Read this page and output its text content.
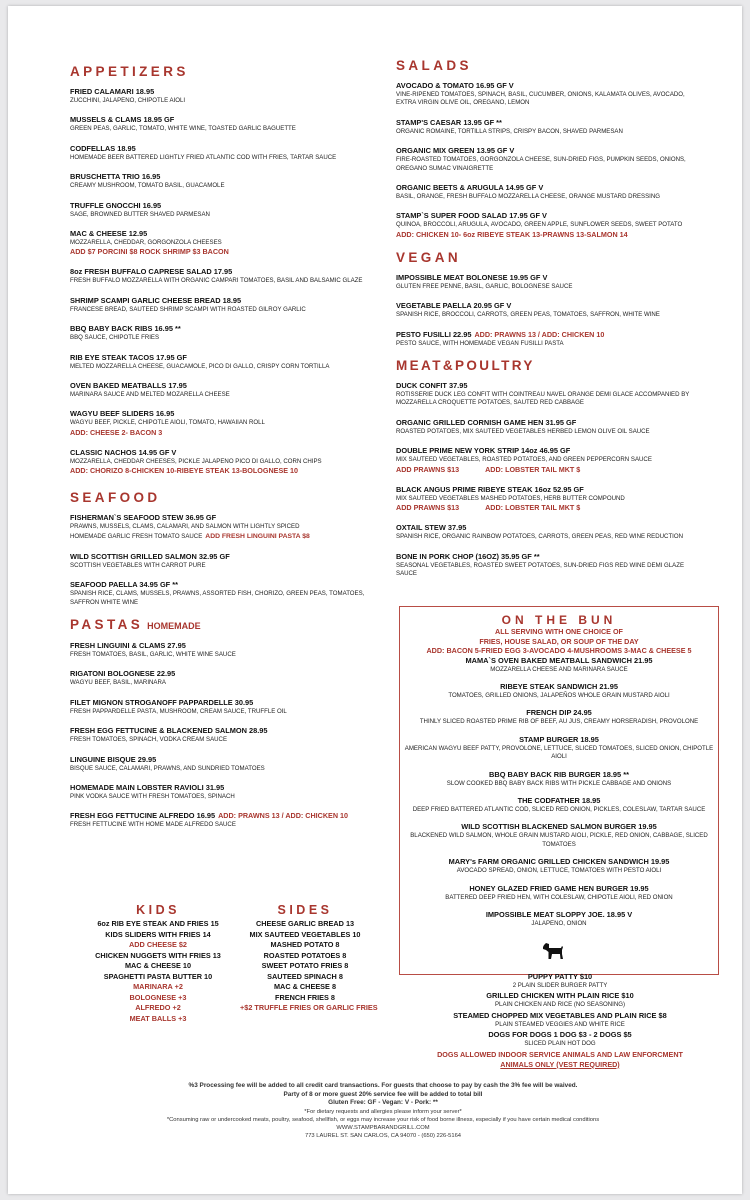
APPETIZERS
FRIED CALAMARI 18.95
ZUCCHINI, JALAPENO, CHIPOTLE AIOLI
MUSSELS & CLAMS 18.95 GF
GREEN PEAS, GARLIC, TOMATO, WHITE WINE, TOASTED GARLIC BAGUETTE
CODFELLAS 18.95
HOMEMADE BEER BATTERED LIGHTLY FRIED ATLANTIC COD WITH FRIES, TARTAR SAUCE
BRUSCHETTA TRIO 16.95
CREAMY MUSHROOM, TOMATO BASIL, GUACAMOLE
TRUFFLE GNOCCHI 16.95
SAGE, BROWNED BUTTER SHAVED PARMESAN
MAC & CHEESE 12.95
MOZZARELLA, CHEDDAR, GORGONZOLA CHEESES
ADD $7 PORCINI $8 ROCK SHRIMP $3 BACON
8oz FRESH BUFFALO CAPRESE SALAD 17.95
FRESH BUFFALO MOZZARELLA WITH ORGANIC CAMPARI TOMATOES, BASIL AND BALSAMIC GLAZE
SHRIMP SCAMPI GARLIC CHEESE BREAD 18.95
FRANCESE BREAD, SAUTEED SHRIMP SCAMPI WITH ROASTED GILROY GARLIC
BBQ BABY BACK RIBS 16.95 **
BBQ SAUCE, CHIPOTLE FRIES
RIB EYE STEAK TACOS 17.95 GF
MELTED MOZZARELLA CHEESE, GUACAMOLE, PICO DI GALLO, CRISPY CORN TORTILLA
OVEN BAKED MEATBALLS 17.95
MARINARA SAUCE AND MELTED MOZARELLA CHEESE
WAGYU BEEF SLIDERS 16.95
WAGYU BEEF, PICKLE, CHIPOTLE AIOLI, TOMATO, HAWAIIAN ROLL
ADD: CHEESE 2- BACON 3
CLASSIC NACHOS 14.95 GF V
MOZZARELLA, CHEDDAR CHEESES, PICKLE JALAPENO PICO DI GALLO, CORN CHIPS
ADD: CHORIZO 8-CHICKEN 10-RIBEYE STEAK 13-BOLOGNESE 10
SEAFOOD
FISHERMAN`S SEAFOOD STEW 36.95 GF
PRAWNS, MUSSELS, CLAMS, CALAMARI, AND SALMON WITH LIGHTLY SPICED
HOMEMADE GARLIC FRESH TOMATO SAUCE ADD FRESH LINGUINI PASTA $8
WILD SCOTTISH GRILLED SALMON 32.95 GF
SCOTTISH VEGETABLES WITH CARROT PURE
SEAFOOD PAELLA 34.95 GF **
SPANISH RICE, CLAMS, MUSSELS, PRAWNS, ASSORTED FISH, CHORIZO, GREEN PEAS, TOMATOES, SAFFRON WHITE WINE
PASTAS HOMEMADE
FRESH LINGUINI & CLAMS 27.95
FRESH TOMATOES, BASIL, GARLIC, WHITE WINE SAUCE
RIGATONI BOLOGNESE 22.95
WAGYU BEEF, BASIL, MARINARA
FILET MIGNON STROGANOFF PAPPARDELLE 30.95
FRESH PAPPARDELLE PASTA, MUSHROOM, CREAM SAUCE, TRUFFLE OIL
FRESH EGG FETTUCINE & BLACKENED SALMON 28.95
FRESH TOMATOES, SPINACH, VODKA CREAM SAUCE
LINGUINE BISQUE 29.95
BISQUE SAUCE, CALAMARI, PRAWNS, AND SUNDRIED TOMATOES
HOMEMADE MAIN LOBSTER RAVIOLI 31.95
PINK VODKA SAUCE WITH FRESH TOMATOES, SPINACH
FRESH EGG FETTUCINE ALFREDO 16.95 ADD: PRAWNS 13 / ADD: CHICKEN 10
FRESH FETTUCINE WITH HOME MADE ALFREDO SAUCE
SALADS
AVOCADO & TOMATO 16.95 GF V
VINE-RIPENED TOMATOES, SPINACH, BASIL, CUCUMBER, ONIONS, KALAMATA OLIVES, AVOCADO, EXTRA VIRGIN OLIVE OIL, OREGANO, LEMON
STAMP'S CAESAR 13.95 GF **
ORGANIC ROMAINE, TORTILLA STRIPS, CRISPY BACON, SHAVED PARMESAN
ORGANIC MIX GREEN 13.95 GF V
FIRE-ROASTED TOMATOES, GORGONZOLA CHEESE, SUN-DRIED FIGS, PUMPKIN SEEDS, ONIONS, OREGANO SUMAC VINAIGRETTE
ORGANIC BEETS & ARUGULA 14.95 GF V
BASIL, ORANGE, FRESH BUFFALO MOZZARELLA CHEESE, ORANGE MUSTARD DRESSING
STAMP`S SUPER FOOD SALAD 17.95 GF V
QUINOA, BROCCOLI, ARUGULA, AVOCADO, GREEN APPLE, SUNFLOWER SEEDS, SWEET POTATO
ADD: CHICKEN 10- 6oz RIBEYE STEAK 13-PRAWNS 13-SALMON 14
VEGAN
IMPOSSIBLE MEAT BOLONESE 19.95 GF V
GLUTEN FREE PENNE, BASIL, GARLIC, BOLOGNESE SAUCE
VEGETABLE PAELLA 20.95 GF V
SPANISH RICE, BROCCOLI, CARROTS, GREEN PEAS, TOMATOES, SAFFRON, WHITE WINE
PESTO FUSILLI 22.95 ADD: PRAWNS 13 / ADD: CHICKEN 10
PESTO SAUCE, WITH HOMEMADE VEGAN FUSILLI PASTA
MEAT&POULTRY
DUCK CONFIT 37.95
ROTISSERIE DUCK LEG CONFIT WITH COINTREAU NAVEL ORANGE DEMI GLACE ACCOMPANIED BY MOZZARELLA CROQUETTE POTATOES, SAUTED RED CABBAGE
ORGANIC GRILLED CORNISH GAME HEN 31.95 GF
ROASTED POTATOES, MIX SAUTEED VEGETABLES HERBED LEMON OLIVE OIL SAUCE
DOUBLE PRIME NEW YORK STRIP 14oz 46.95 GF
MIX SAUTEED VEGETABLES, ROASTED POTATOES, AND GREEN PEPPERCORN SAUCE
ADD PRAWNS $13	ADD: LOBSTER TAIL MKT $
BLACK ANGUS PRIME RIBEYE STEAK 16oz 52.95 GF
MIX SAUTEED VEGETABLES MASHED POTATOES, HERB BUTTER COMPOUND
ADD PRAWNS $13	ADD: LOBSTER TAIL MKT $
OXTAIL STEW 37.95
SPANISH RICE, ORGANIC RAINBOW POTATOES, CARROTS, GREEN PEAS, RED WINE REDUCTION
BONE IN PORK CHOP (16OZ) 35.95 GF **
SEASONAL VEGETABLES, ROASTED SWEET POTATOES, SUN-DRIED FIGS RED WINE DEMI GLAZE SAUCE
ON THE BUN
ALL SERVING WITH ONE CHOICE OF
FRIES, HOUSE SALAD, OR SOUP OF THE DAY
ADD: BACON 5-FRIED EGG 3-AVOCADO 4-MUSHROOMS 3-MAC & CHEESE 5
MAMA`S OVEN BAKED MEATBALL SANDWICH 21.95
MOZZARELLA CHEESE AND MARINARA SAUCE
RIBEYE STEAK SANDWICH 21.95
TOMATOES, GRILLED ONIONS, JALAPEÑOS WHOLE GRAIN MUSTARD AIOLI
FRENCH DIP 24.95
THINLY SLICED ROASTED PRIME RIB OF BEEF, AU JUS, CREAMY HORSERADISH, PROVOLONE
STAMP BURGER 18.95
AMERICAN WAGYU BEEF PATTY, PROVOLONE, LETTUCE, SLICED TOMATOES, SLICED ONION, CHIPOTLE AIOLI
BBQ BABY BACK RIB BURGER 18.95 **
SLOW COOKED BBQ BABY BACK RIBS WITH PICKLE CABBAGE AND ONIONS
THE CODFATHER 18.95
DEEP FRIED BATTERED ATLANTIC COD, SLICED RED ONION, PICKLES, COLESLAW, TARTAR SAUCE
WILD SCOTTISH BLACKENED SALMON BURGER 19.95
BLACKENED WILD SALMON, WHOLE GRAIN MUSTARD AIOLI, PICKLE, RED ONION, CABBAGE, SLICED TOMATOES
MARY's FARM ORGANIC GRILLED CHICKEN SANDWICH 19.95
AVOCADO SPREAD, ONION, LETTUCE, TOMATOES WITH PESTO AIOLI
HONEY GLAZED FRIED GAME HEN BURGER 19.95
BATTERED DEEP FRIED HEN, WITH COLESLAW, CHIPOTLE AIOLI, RED ONION
IMPOSSIBLE MEAT SLOPPY JOE. 18.95 V
JALAPENO, ONION
KIDS
6oz RIB EYE STEAK AND FRIES 15
KIDS SLIDERS WITH FRIES 14
ADD CHEESE $2
CHICKEN NUGGETS WITH FRIES 13
MAC & CHEESE 10
SPAGHETTI PASTA BUTTER 10
MARINARA +2
BOLOGNESE +3
ALFREDO +2
MEAT BALLS +3
SIDES
CHEESE GARLIC BREAD 13
MIX SAUTEED VEGETABLES 10
MASHED POTATO 8
ROASTED POTATOES 8
SWEET POTATO FRIES 8
SAUTEED SPINACH 8
MAC & CHEESE 8
FRENCH FRIES 8
+$2 TRUFFLE FRIES OR GARLIC FRIES
PUPPY PATTY $10
2 PLAIN SLIDER BURGER PATTY
GRILLED CHICKEN WITH PLAIN RICE $10
PLAIN CHICKEN AND RICE (NO SEASONING)
STEAMED CHOPPED MIX VEGETABLES AND PLAIN RICE $8
PLAIN STEAMED VEGGIES AND WHITE RICE
DOGS FOR DOGS 1 DOG $3 - 2 DOGS $5
SLICED PLAIN HOT DOG
DOGS ALLOWED INDOOR SERVICE ANIMALS AND LAW ENFORCMENT
ANIMALS ONLY (VEST REQUIRED)
%3 Processing fee will be added to all credit card transactions. For guests that choose to pay by cash the 3% fee will be waived.
Party of 8 or more guest 20% service fee will be added to total bill
Gluten Free: GF - Vegan: V - Pork: **
*For dietary requests and allergies please inform your server*
*Consuming raw or undercooked meats, poultry, seafood, shellfish, or eggs may increase your risk of food borne illness, especially if you have certain medical conditions
WWW.STAMPBARANDGRILL.COM
773 LAUREL ST. SAN CARLOS, CA 94070 - (650) 226-5164
